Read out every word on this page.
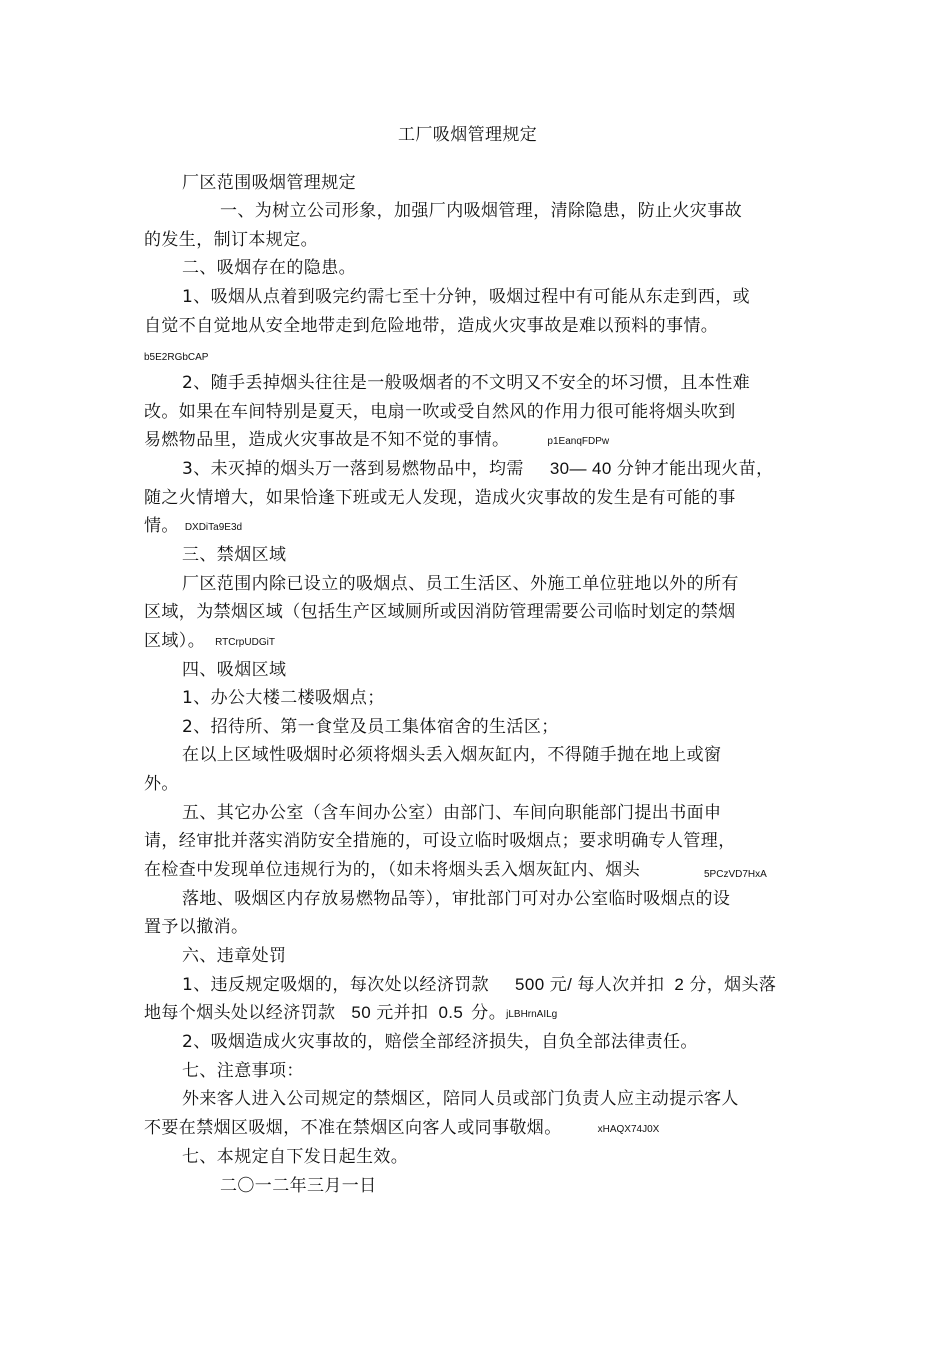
工厂吸烟管理规定
厂区范围吸烟管理规定
一、为树立公司形象，加强厂内吸烟管理，清除隐患，防止火灾事故
的发生，制订本规定。
二、吸烟存在的隐患。
1、吸烟从点着到吸完约需七至十分钟，吸烟过程中有可能从东走到西，或
自觉不自觉地从安全地带走到危险地带，造成火灾事故是难以预料的事情。
b5E2RGbCAP
2、随手丢掉烟头往往是一般吸烟者的不文明又不安全的坏习惯，且本性难
改。如果在车间特别是夏天，电扇一吹或受自然风的作用力很可能将烟头吹到
易燃物品里，造成火灾事故是不知不觉的事情。	p1EanqFDPw
3、未灭掉的烟头万一落到易燃物品中，均需 30— 40 分钟才能出现火苗，
随之火情增大，如果恰逢下班或无人发现，造成火灾事故的发生是有可能的事
情。 DXDiTa9E3d
三、禁烟区域
厂区范围内除已设立的吸烟点、员工生活区、外施工单位驻地以外的所有
区域，为禁烟区域（包括生产区域厕所或因消防管理需要公司临时划定的禁烟
区域）。 RTCrpUDGiT
四、吸烟区域
1、办公大楼二楼吸烟点；
2、招待所、第一食堂及员工集体宿舍的生活区；
在以上区域性吸烟时必须将烟头丢入烟灰缸内，不得随手抛在地上或窗
外。
五、其它办公室（含车间办公室）由部门、车间向职能部门提出书面申
请，经审批并落实消防安全措施的，可设立临时吸烟点；要求明确专人管理，
在检查中发现单位违规行为的，（如未将烟头丢入烟灰缸内、烟头	5PCzVD7HxA
落地、吸烟区内存放易燃物品等），审批部门可对办公室临时吸烟点的设
置予以撤消。
六、违章处罚
1、违反规定吸烟的，每次处以经济罚款 500 元/ 每人次并扣 2 分，烟头落
地每个烟头处以经济罚款 50 元并扣 0.5 分。jLBHrnAILg
2、吸烟造成火灾事故的，赔偿全部经济损失，自负全部法律责任。
七、注意事项：
外来客人进入公司规定的禁烟区，陪同人员或部门负责人应主动提示客人
不要在禁烟区吸烟，不准在禁烟区向客人或同事敬烟。	xHAQX74J0X
七、本规定自下发日起生效。
二〇一二年三月一日
